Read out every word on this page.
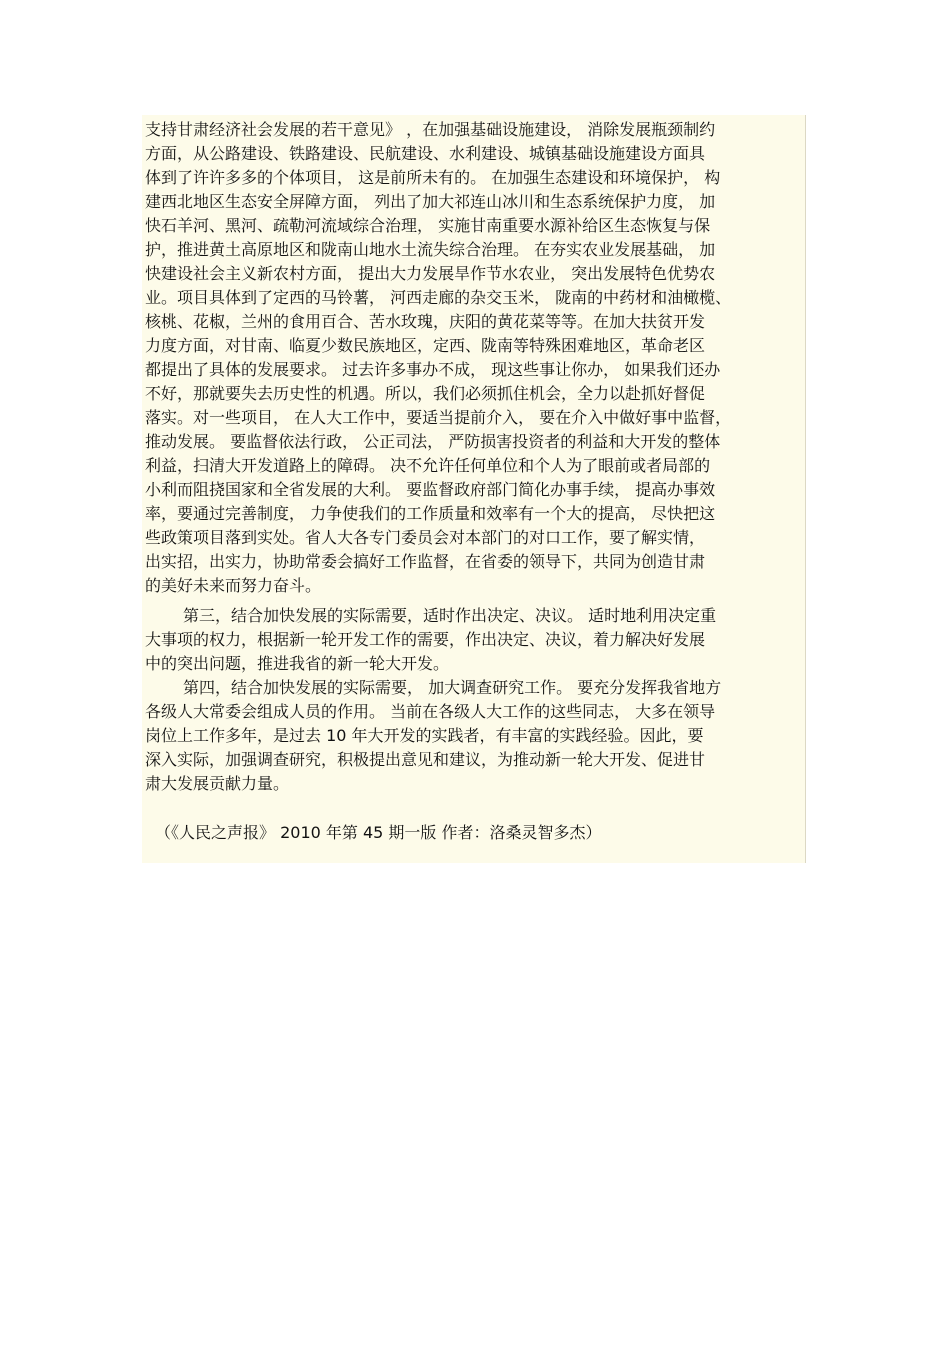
支持甘肃经济社会发展的若干意见》 ，在加强基础设施建设， 消除发展瓶颈制约
方面，从公路建设、铁路建设、民航建设、水利建设、城镇基础设施建设方面具
体到了许许多多的个体项目， 这是前所未有的。 在加强生态建设和环境保护， 构
建西北地区生态安全屏障方面， 列出了加大祁连山冰川和生态系统保护力度， 加
快石羊河、黑河、疏勒河流域综合治理， 实施甘南重要水源补给区生态恢复与保
护，推进黄土高原地区和陇南山地水土流失综合治理。 在夯实农业发展基础， 加
快建设社会主义新农村方面， 提出大力发展旱作节水农业， 突出发展特色优势农
业。项目具体到了定西的马铃薯， 河西走廊的杂交玉米， 陇南的中药材和油橄榄、
核桃、花椒，兰州的食用百合、苦水玫瑰，庆阳的黄花菜等等。在加大扶贫开发
力度方面，对甘南、临夏少数民族地区，定西、陇南等特殊困难地区，革命老区
都提出了具体的发展要求。 过去许多事办不成， 现这些事让你办， 如果我们还办
不好，那就要失去历史性的机遇。所以，我们必须抓住机会，全力以赴抓好督促
落实。对一些项目， 在人大工作中，要适当提前介入， 要在介入中做好事中监督，
推动发展。 要监督依法行政， 公正司法， 严防损害投资者的利益和大开发的整体
利益，扫清大开发道路上的障碍。 决不允许任何单位和个人为了眼前或者局部的
小利而阻挠国家和全省发展的大利。 要监督政府部门简化办事手续， 提高办事效
率，要通过完善制度， 力争使我们的工作质量和效率有一个大的提高， 尽快把这
些政策项目落到实处。省人大各专门委员会对本部门的对口工作，要了解实情，
出实招，出实力，协助常委会搞好工作监督，在省委的领导下，共同为创造甘肃
的美好未来而努力奋斗。
第三，结合加快发展的实际需要，适时作出决定、决议。 适时地利用决定重
大事项的权力，根据新一轮开发工作的需要，作出决定、决议，着力解决好发展
中的突出问题，推进我省的新一轮大开发。
第四，结合加快发展的实际需要， 加大调查研究工作。 要充分发挥我省地方
各级人大常委会组成人员的作用。 当前在各级人大工作的这些同志， 大多在领导
岗位上工作多年，是过去 10 年大开发的实践者，有丰富的实践经验。因此，要
深入实际，加强调查研究，积极提出意见和建议，为推动新一轮大开发、促进甘
肃大发展贡献力量。
（《人民之声报》 2010 年第 45 期一版 作者：洛桑灵智多杰）
